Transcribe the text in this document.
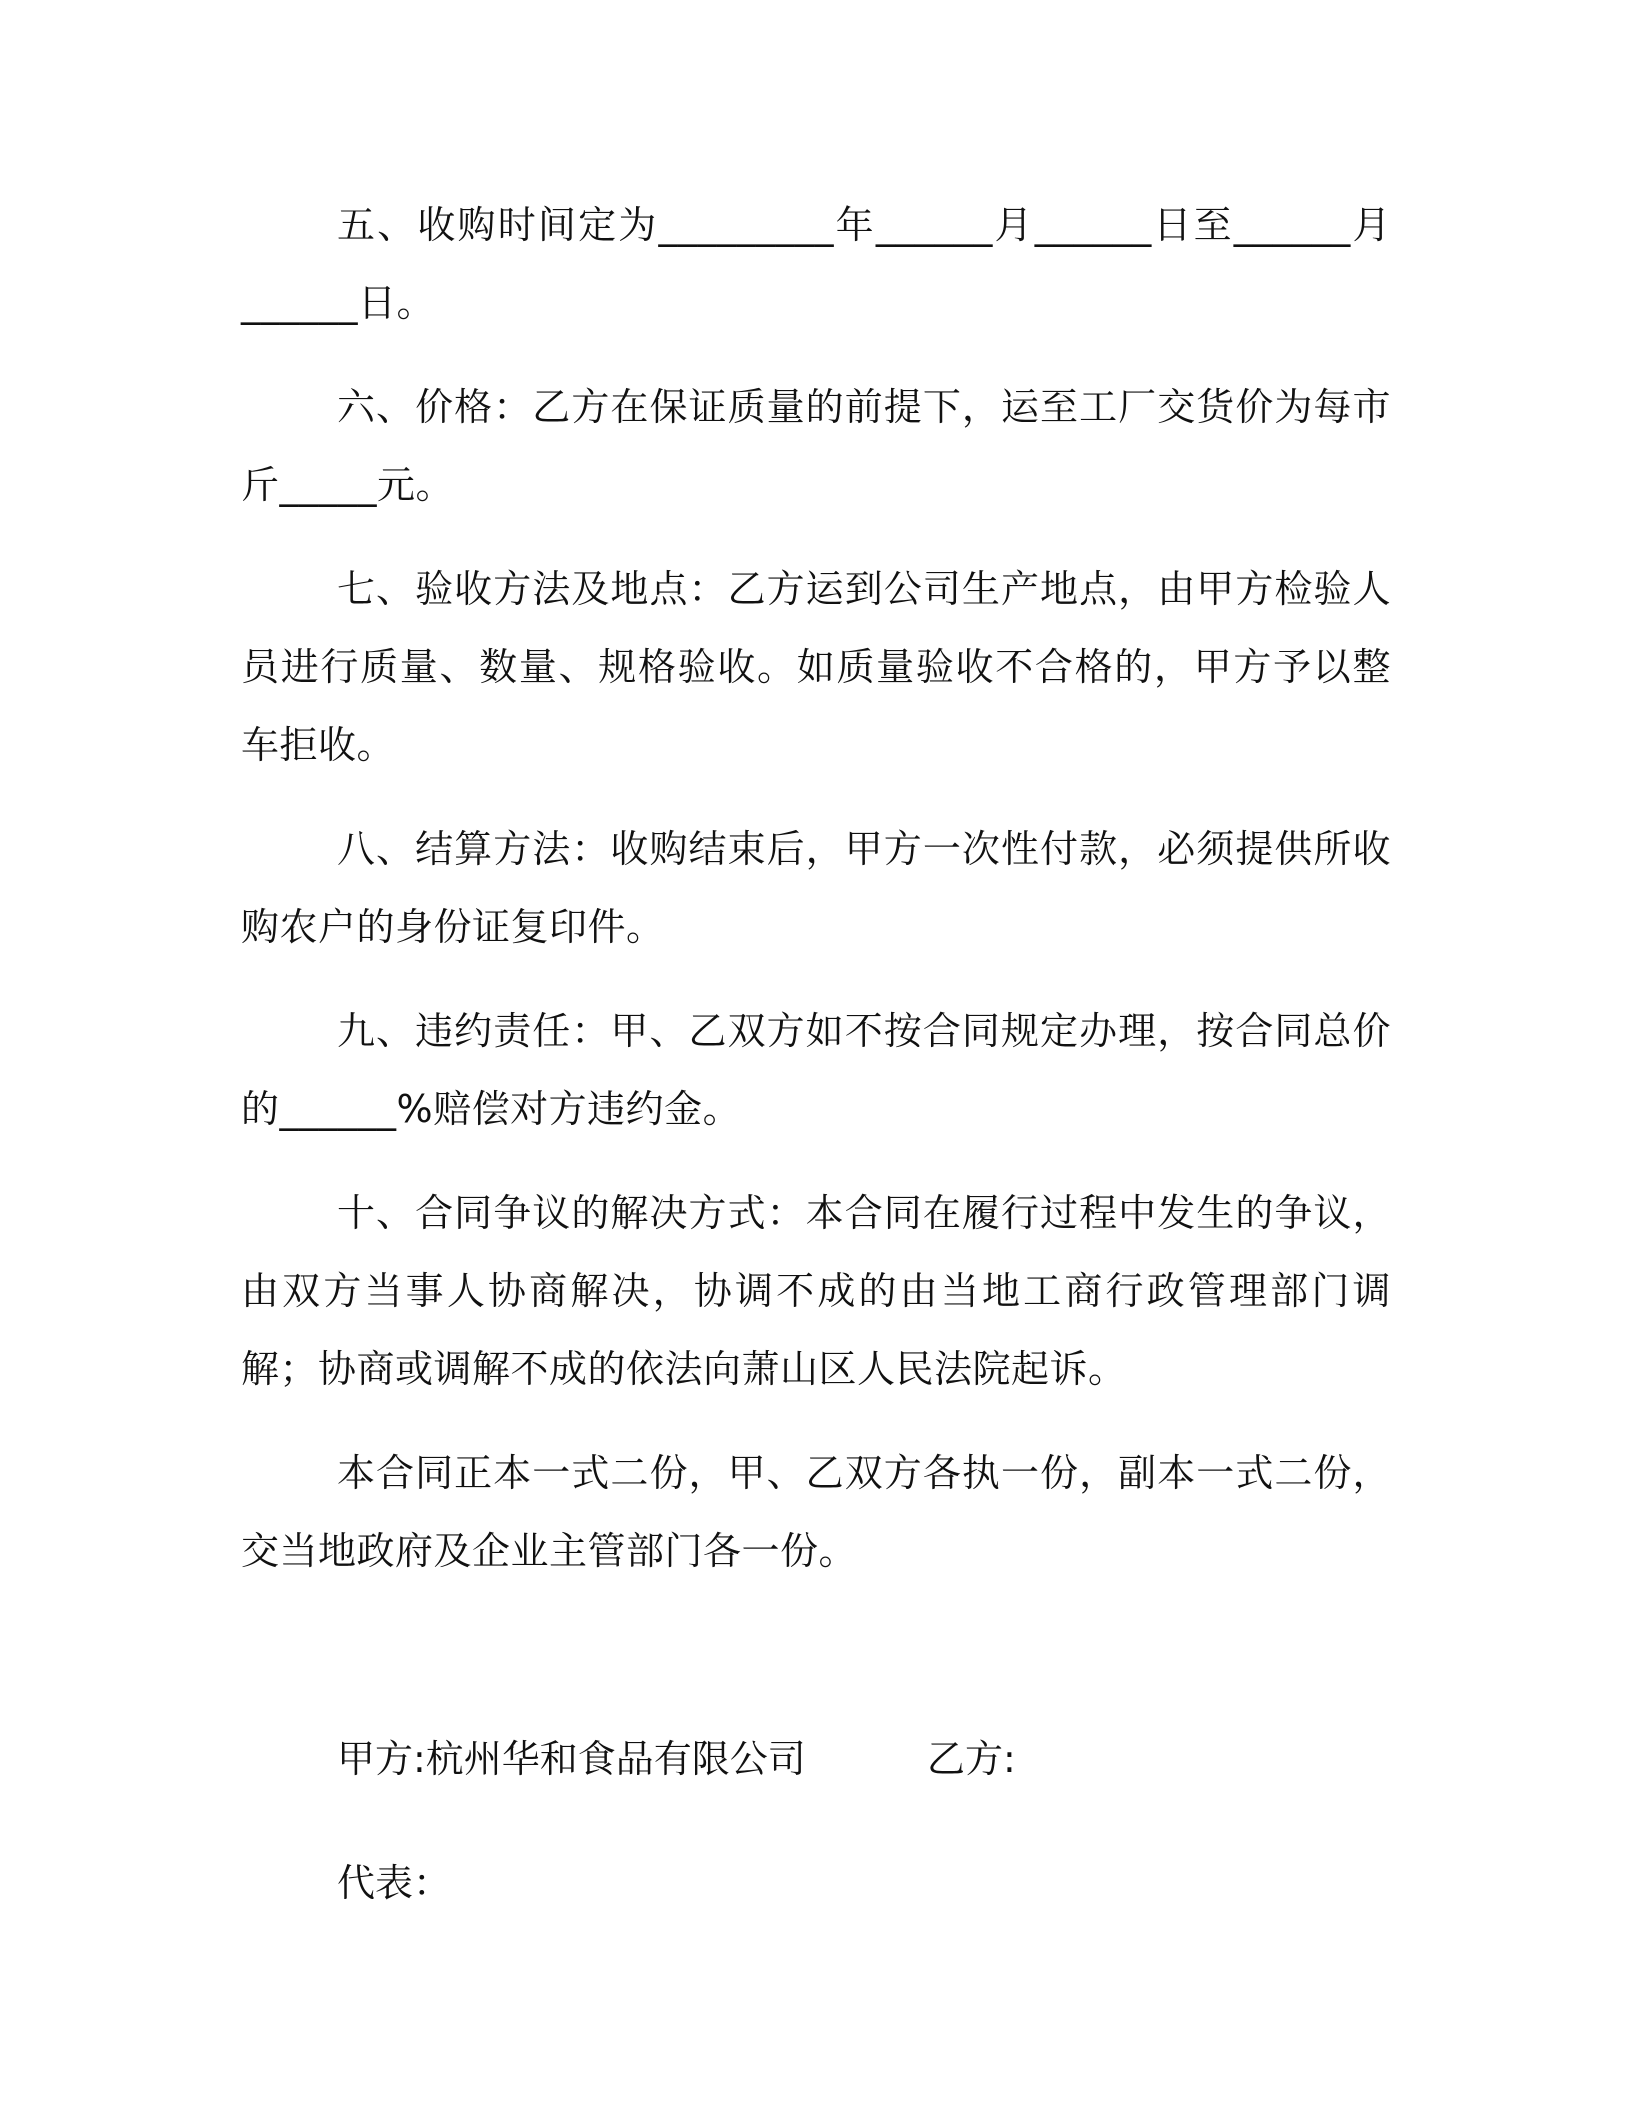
五、收购时间定为_________年______月______日至______月______日。

六、价格：乙方在保证质量的前提下，运至工厂交货价为每市斤_____元。

七、验收方法及地点：乙方运到公司生产地点，由甲方检验人员进行质量、数量、规格验收。如质量验收不合格的，甲方予以整车拒收。

八、结算方法：收购结束后，甲方一次性付款，必须提供所收购农户的身份证复印件。

九、违约责任：甲、乙双方如不按合同规定办理，按合同总价的______%赔偿对方违约金。

十、合同争议的解决方式：本合同在履行过程中发生的争议，由双方当事人协商解决，协调不成的由当地工商行政管理部门调解；协商或调解不成的依法向萧山区人民法院起诉。

本合同正本一式二份，甲、乙双方各执一份，副本一式二份，交当地政府及企业主管部门各一份。

甲方:杭州华和食品有限公司	乙方:
代表：
